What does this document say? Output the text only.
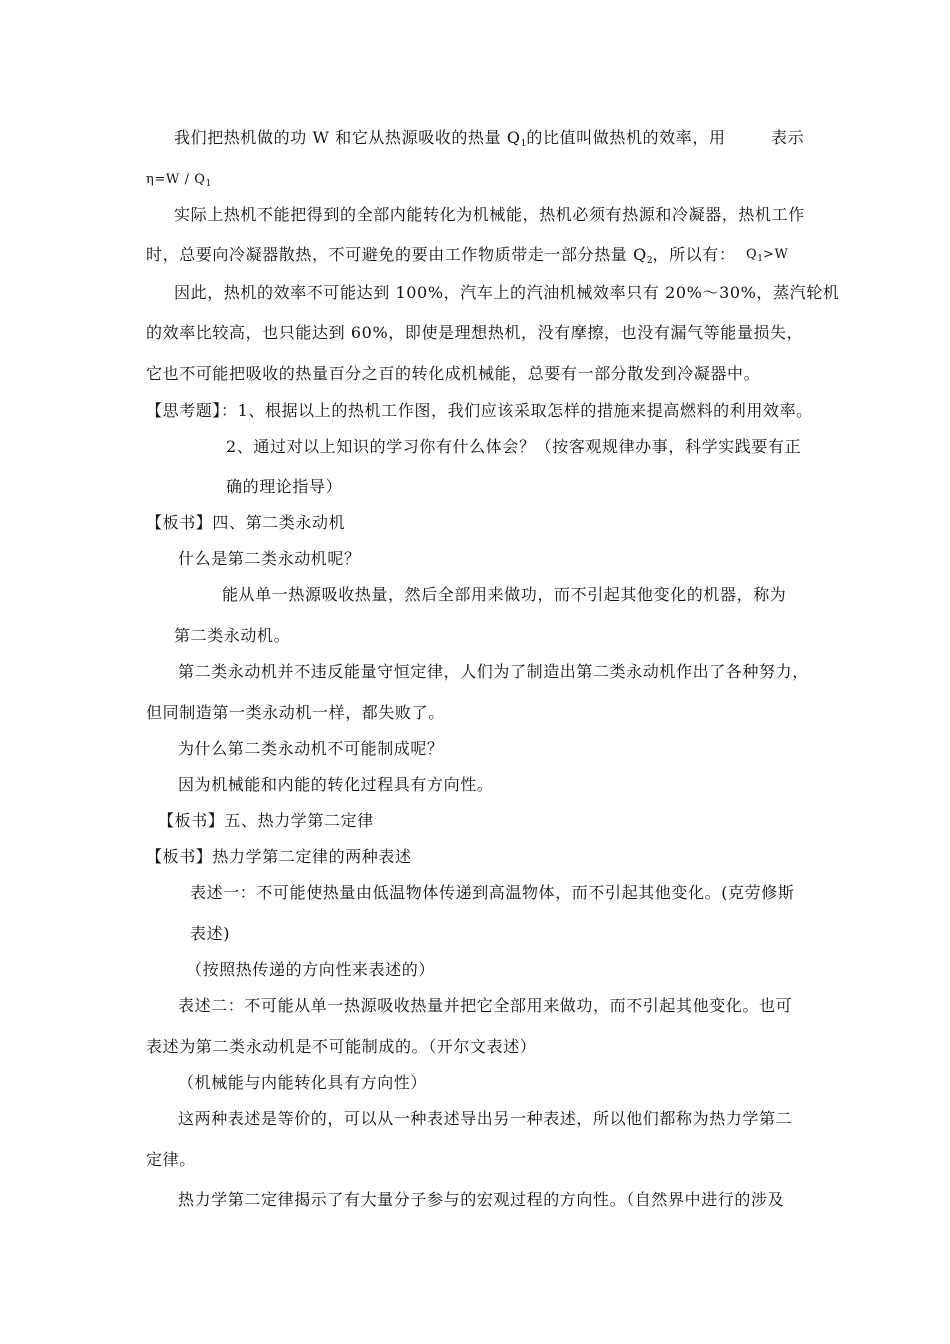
我们把热机做的功 W 和它从热源吸收的热量 $Q_1$的比值叫做热机的效率，用	表示
$\eta=W / Q_1$
实际上热机不能把得到的全部内能转化为机械能，热机必须有热源和冷凝器，热机工作
时，总要向冷凝器散热，不可避免的要由工作物质带走一部分热量 $Q_2$，所以有： $Q_1>W$
因此，热机的效率不可能达到 100%，汽车上的汽油机械效率只有 20%～30%，蒸汽轮机
的效率比较高，也只能达到 60%，即使是理想热机，没有摩擦，也没有漏气等能量损失，
它也不可能把吸收的热量百分之百的转化成机械能，总要有一部分散发到冷凝器中。
【思考题】：1、根据以上的热机工作图，我们应该采取怎样的措施来提高燃料的利用效率。
2、通过对以上知识的学习你有什么体会？（按客观规律办事，科学实践要有正
确的理论指导）
【板书】四、第二类永动机
什么是第二类永动机呢？
能从单一热源吸收热量，然后全部用来做功，而不引起其他变化的机器，称为
第二类永动机。
第二类永动机并不违反能量守恒定律，人们为了制造出第二类永动机作出了各种努力，
但同制造第一类永动机一样，都失败了。
为什么第二类永动机不可能制成呢？
因为机械能和内能的转化过程具有方向性。
【板书】五、热力学第二定律
【板书】热力学第二定律的两种表述
表述一：不可能使热量由低温物体传递到高温物体，而不引起其他变化。(克劳修斯
表述)
（按照热传递的方向性来表述的）
表述二：不可能从单一热源吸收热量并把它全部用来做功，而不引起其他变化。也可
表述为第二类永动机是不可能制成的。（开尔文表述）
（机械能与内能转化具有方向性）
这两种表述是等价的，可以从一种表述导出另一种表述，所以他们都称为热力学第二
定律。
热力学第二定律揭示了有大量分子参与的宏观过程的方向性。（自然界中进行的涉及
